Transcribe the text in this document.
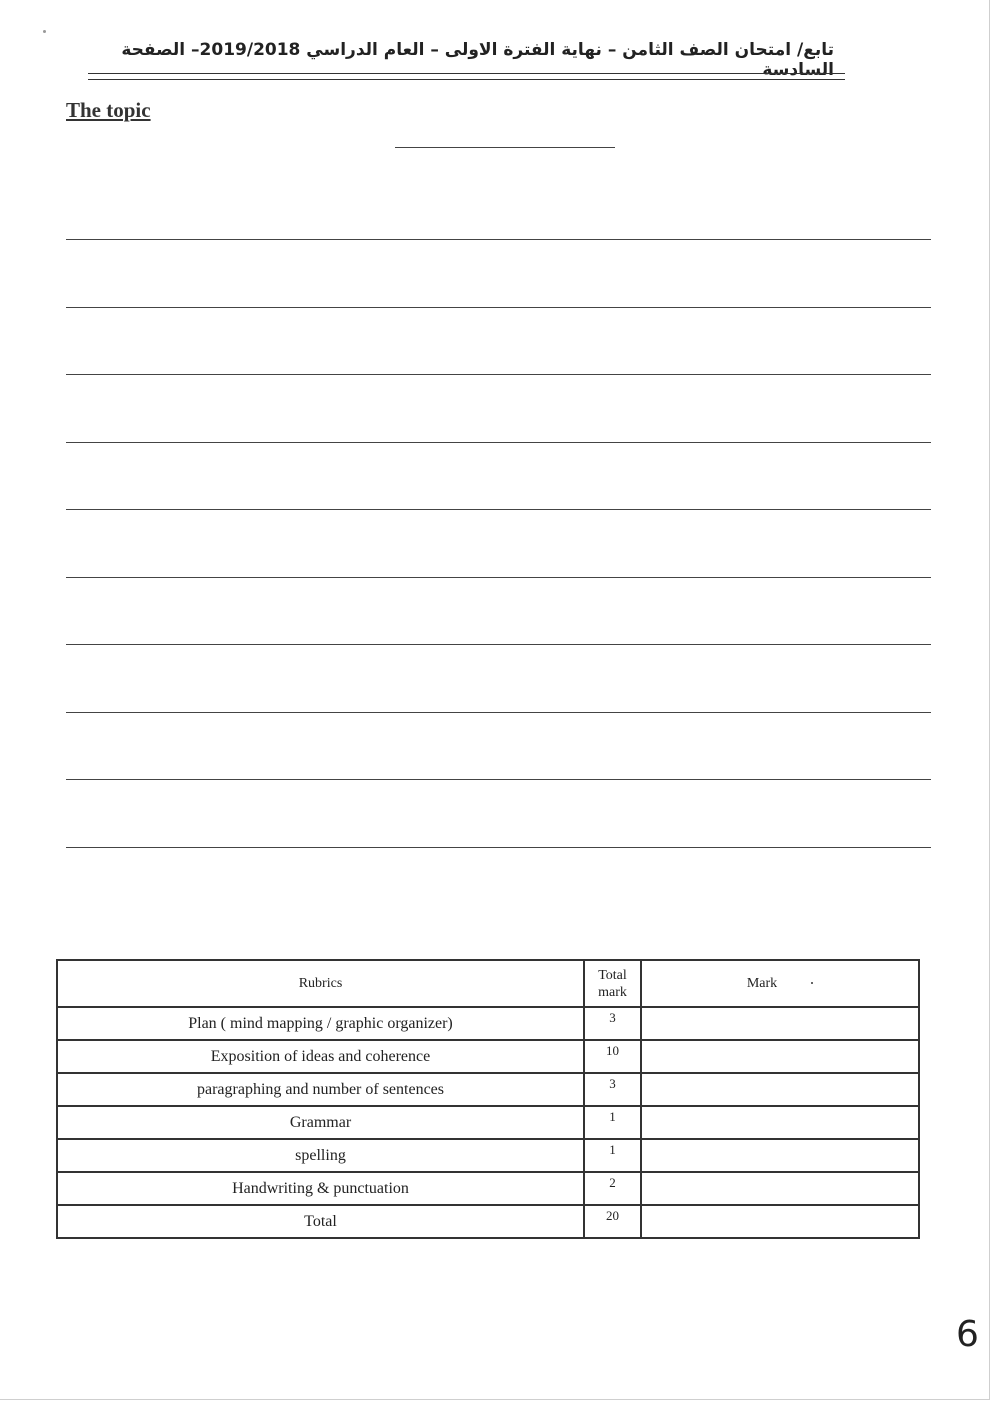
تابع/ امتحان الصف الثامن – نهاية الفترة الاولى – العام الدراسي 2019/2018– الصفحة السادسة
The topic
Rubrics	Total mark	Mark
Plan ( mind mapping / graphic organizer)	3	
Exposition of ideas and coherence	10	
paragraphing and number of sentences	3	
Grammar	1	
spelling	1	
Handwriting & punctuation	2	
Total	20	
6
